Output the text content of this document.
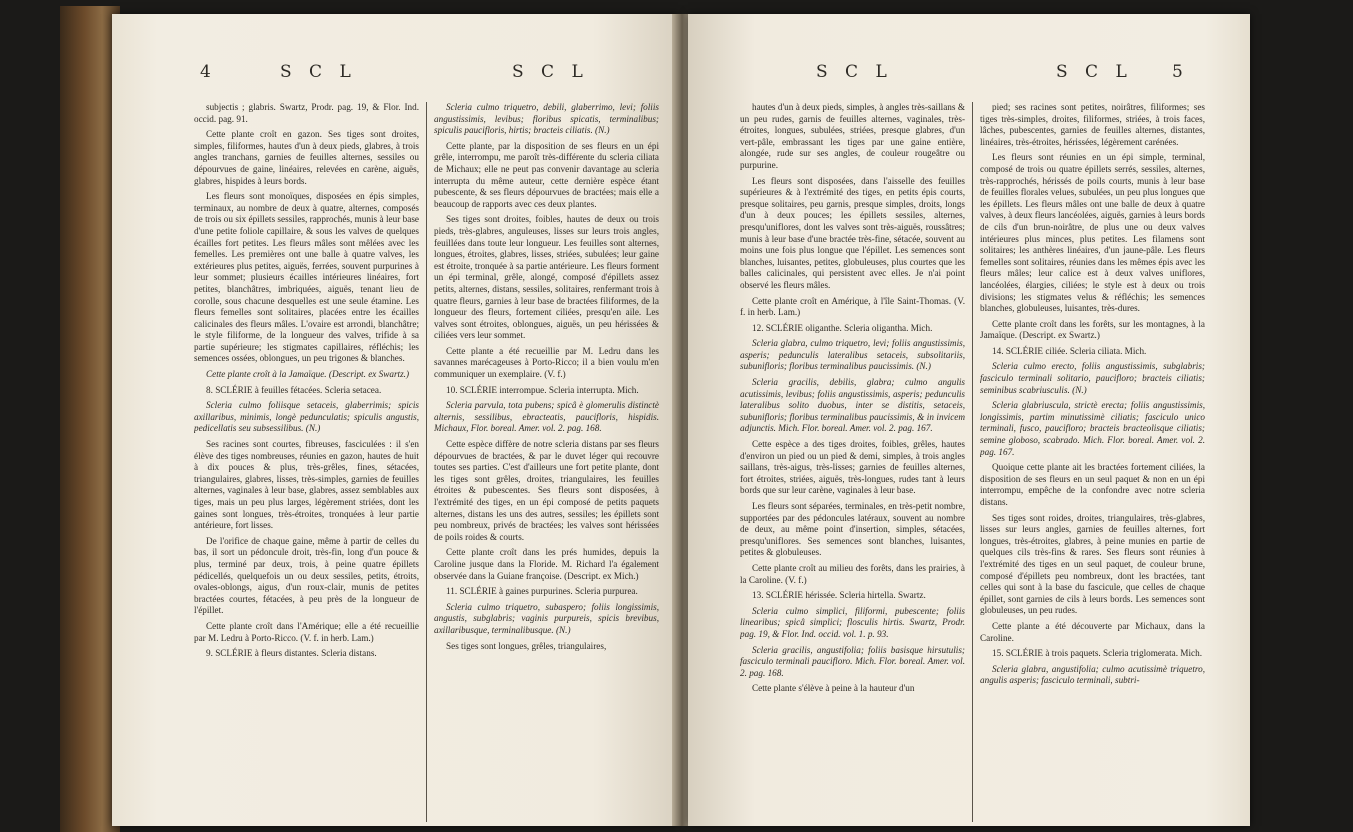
4	S C L	S C L

subjectis ; glabris. Swartz, Prodr. pag. 19, & Flor. Ind. occid. pag. 91.

Cette plante croît en gazon. Ses tiges sont droites, simples, filiformes, hautes d'un à deux pieds, glabres, à trois angles tranchans, garnies de feuilles alternes, sessiles ou dépourvues de gaine, linéaires, relevées en carène, aiguës, glabres, hispides à leurs bords.

Les fleurs sont monoïques, disposées en épis simples, terminaux, au nombre de deux à quatre, alternes, composés de trois ou six épillets sessiles, rapprochés, munis à leur base d'une petite foliole capillaire, & sous les valves de quelques écailles fort petites. Les fleurs mâles sont mêlées avec les femelles. Les premières ont une balle à quatre valves, les extérieures plus petites, aiguës, ferrées, souvent purpurines à leur sommet; plusieurs écailles intérieures linéaires, fort petites, blanchâtres, imbriquées, aiguës, tenant lieu de corolle, sous chacune desquelles est une seule étamine. Les fleurs femelles sont solitaires, placées entre les écailles calicinales des fleurs mâles. L'ovaire est arrondi, blanchâtre; le style filiforme, de la longueur des valves, trifide à sa partie supérieure; les stigmates capillaires, réfléchis; les semences ossées, oblongues, un peu trigones & blanches.

Cette plante croît à la Jamaïque. (Descript. ex Swartz.)

8. SCLÉRIE à feuilles fétacées. Scleria setacea.

Scleria culmo foliisque setaceis, glaberrimis; spicis axillaribus, minimis, longè pedunculatis; spiculis angustis, pedicellatis seu subsessilibus. (N.)

Ses racines sont courtes, fibreuses, fasciculées : il s'en élève des tiges nombreuses, réunies en gazon, hautes de huit à dix pouces & plus, très-grêles, fines, sétacées, triangulaires, glabres, lisses, très-simples, garnies de feuilles alternes, vaginales à leur base, glabres, assez semblables aux tiges, mais un peu plus larges, légèrement striées, dont les gaines sont longues, très-étroites, tronquées à leur partie antérieure, fort lisses.

De l'orifice de chaque gaine, même à partir de celles du bas, il sort un pédoncule droit, très-fin, long d'un pouce & plus, terminé par deux, trois, à peine quatre épillets pédicellés, quelquefois un ou deux sessiles, petits, étroits, ovales-oblongs, aigus, d'un roux-clair, munis de petites bractées courtes, fétacées, à peu près de la longueur de l'épillet.

Cette plante croît dans l'Amérique; elle a été recueillie par M. Ledru à Porto-Ricco. (V. f. in herb. Lam.)

9. SCLÉRIE à fleurs distantes. Scleria distans.

Scleria culmo triquetro, debili, glaberrimo, levi; foliis angustissimis, levibus; floribus spicatis, terminalibus; spiculis paucifloris, hirtis; bracteis ciliatis. (N.)

Cette plante, par la disposition de ses fleurs en un épi grêle, interrompu, me paroît très-différente du scleria ciliata de Michaux; elle ne peut pas convenir davantage au scleria interrupta du même auteur, cette dernière espèce étant pubescente, & ses fleurs dépourvues de bractées; mais elle a beaucoup de rapports avec ces deux plantes.

Ses tiges sont droites, foibles, hautes de deux ou trois pieds, très-glabres, anguleuses, lisses sur leurs trois angles, feuillées dans toute leur longueur. Les feuilles sont alternes, longues, étroites, glabres, lisses, striées, subulées; leur gaine est étroite, tronquée à sa partie antérieure. Les fleurs forment un épi terminal, grêle, alongé, composé d'épillets assez petits, alternes, distans, sessiles, solitaires, renfermant trois à quatre fleurs, garnies à leur base de bractées filiformes, de la longueur des fleurs, fortement ciliées, presqu'en aile. Les valves sont étroites, oblongues, aiguës, un peu hérissées & ciliées vers leur sommet.

Cette plante a été recueillie par M. Ledru dans les savannes marécageuses à Porto-Ricco; il a bien voulu m'en communiquer un exemplaire. (V. f.)

10. SCLÉRIE interrompue. Scleria interrupta. Mich.

Scleria parvula, tota pubens; spicâ è glomerulis distinctè alternis, sessilibus, ebracteatis, paucifloris, hispidis. Michaux, Flor. boreal. Amer. vol. 2. pag. 168.

Cette espèce diffère de notre scleria distans par ses fleurs dépourvues de bractées, & par le duvet léger qui recouvre toutes ses parties. C'est d'ailleurs une fort petite plante, dont les tiges sont grêles, droites, triangulaires, les feuilles étroites & pubescentes. Ses fleurs sont disposées, à l'extrémité des tiges, en un épi composé de petits paquets alternes, distans les uns des autres, sessiles; les épillets sont peu nombreux, privés de bractées; les valves sont hérissées de poils roides & courts.

Cette plante croît dans les prés humides, depuis la Caroline jusque dans la Floride. M. Richard l'a également observée dans la Guiane françoise. (Descript. ex Mich.)

11. SCLÉRIE à gaines purpurines. Scleria purpurea.

Scleria culmo triquetro, subaspero; foliis longissimis, angustis, subglabris; vaginis purpureis, spicis brevibus, axillaribusque, terminalibusque. (N.)

Ses tiges sont longues, grêles, triangulaires,

S C L	S C L 5

hautes d'un à deux pieds, simples, à angles très-saillans & un peu rudes, garnis de feuilles alternes, vaginales, très-étroites, longues, subulées, striées, presque glabres, d'un vert-pâle, embrassant les tiges par une gaine entière, alongée, rude sur ses angles, de couleur rougeâtre ou purpurine.

Les fleurs sont disposées, dans l'aisselle des feuilles supérieures & à l'extrémité des tiges, en petits épis courts, presque solitaires, peu garnis, presque simples, droits, longs d'un à deux pouces; les épillets sessiles, alternes, presqu'uniflores, dont les valves sont très-aiguës, roussâtres; munis à leur base d'une bractée très-fine, sétacée, souvent au moins une fois plus longue que l'épillet. Les semences sont blanches, luisantes, petites, globuleuses, plus courtes que les balles calicinales, qui persistent avec elles. Je n'ai point observé les fleurs mâles.

Cette plante croît en Amérique, à l'île Saint-Thomas. (V. f. in herb. Lam.)

12. SCLÉRIE oliganthe. Scleria oligantha. Mich.

Scleria glabra, culmo triquetro, levi; foliis angustissimis, asperis; pedunculis lateralibus setaceis, subsolitariis, subunifloris; floribus terminalibus paucissimis. (N.)

Scleria gracilis, debilis, glabra; culmo angulis acutissimis, levibus; foliis angustissimis, asperis; pedunculis lateralibus solito duobus, inter se distitis, setaceis, subunifloris; floribus terminalibus paucissimis, & in invicem adjunctis. Mich. Flor. boreal. Amer. vol. 2. pag. 167.

Cette espèce a des tiges droites, foibles, grêles, hautes d'environ un pied ou un pied & demi, simples, à trois angles saillans, très-aigus, très-lisses; garnies de feuilles alternes, fort étroites, striées, aiguës, très-longues, rudes tant à leurs bords que sur leur carène, vaginales à leur base.

Les fleurs sont séparées, terminales, en très-petit nombre, supportées par des pédoncules latéraux, souvent au nombre de deux, au même point d'insertion, simples, sétacées, presqu'uniflores. Ses semences sont blanches, luisantes, petites & globuleuses.

Cette plante croît au milieu des forêts, dans les prairies, à la Caroline. (V. f.)

13. SCLÉRIE hérissée. Scleria hirtella. Swartz.

Scleria culmo simplici, filiformi, pubescente; foliis linearibus; spicâ simplici; flosculis hirtis. Swartz, Prodr. pag. 19, & Flor. Ind. occid. vol. 1. p. 93.

Scleria gracilis, angustifolia; foliis basisque hirsutulis; fasciculo terminali paucifloro. Mich. Flor. boreal. Amer. vol. 2. pag. 168.

Cette plante s'élève à peine à la hauteur d'un

pied; ses racines sont petites, noirâtres, filiformes; ses tiges très-simples, droites, filiformes, striées, à trois faces, lâches, pubescentes, garnies de feuilles alternes, distantes, linéaires, très-étroites, hérissées, légèrement carénées.

Les fleurs sont réunies en un épi simple, terminal, composé de trois ou quatre épillets serrés, sessiles, alternes, très-rapprochés, hérissés de poils courts, munis à leur base de feuilles florales velues, subulées, un peu plus longues que les épillets. Les fleurs mâles ont une balle de deux à quatre valves, à deux fleurs lancéolées, aiguës, garnies à leurs bords de cils d'un brun-noirâtre, de plus une ou deux valves intérieures plus minces, plus petites. Les filamens sont solitaires; les anthères linéaires, d'un jaune-pâle. Les fleurs femelles sont solitaires, réunies dans les mêmes épis avec les fleurs mâles; leur calice est à deux valves uniflores, lancéolées, élargies, ciliées; le style est à deux ou trois divisions; les stigmates velus & réfléchis; les semences blanches, globuleuses, luisantes, très-dures.

Cette plante croît dans les forêts, sur les montagnes, à la Jamaïque. (Descript. ex Swartz.)

14. SCLÉRIE ciliée. Scleria ciliata. Mich.

Scleria culmo erecto, foliis angustissimis, subglabris; fasciculo terminali solitario, paucifloro; bracteis ciliatis; seminibus scabriusculis. (N.)

Scleria glabriuscula, strictè erecta; foliis angustissimis, longissimis, partim minutissimè ciliatis; fasciculo unico terminali, fusco, paucifloro; bracteis bracteolisque ciliatis; semine globoso, scabrado. Mich. Flor. boreal. Amer. vol. 2. pag. 167.

Quoique cette plante ait les bractées fortement ciliées, la disposition de ses fleurs en un seul paquet & non en un épi interrompu, empêche de la confondre avec notre scleria distans.

Ses tiges sont roides, droites, triangulaires, très-glabres, lisses sur leurs angles, garnies de feuilles alternes, fort longues, très-étroites, glabres, à peine munies en partie de quelques cils très-fins & rares. Ses fleurs sont réunies à l'extrémité des tiges en un seul paquet, de couleur brune, composé d'épillets peu nombreux, dont les bractées, tant celles qui sont à la base du fascicule, que celles de chaque épillet, sont garnies de cils à leurs bords. Les semences sont globuleuses, un peu rudes.

Cette plante a été découverte par Michaux, dans la Caroline.

15. SCLÉRIE à trois paquets. Scleria triglomerata. Mich.

Scleria glabra, angustifolia; culmo acutissimè triquetro, angulis asperis; fasciculo terminali, subtri-
